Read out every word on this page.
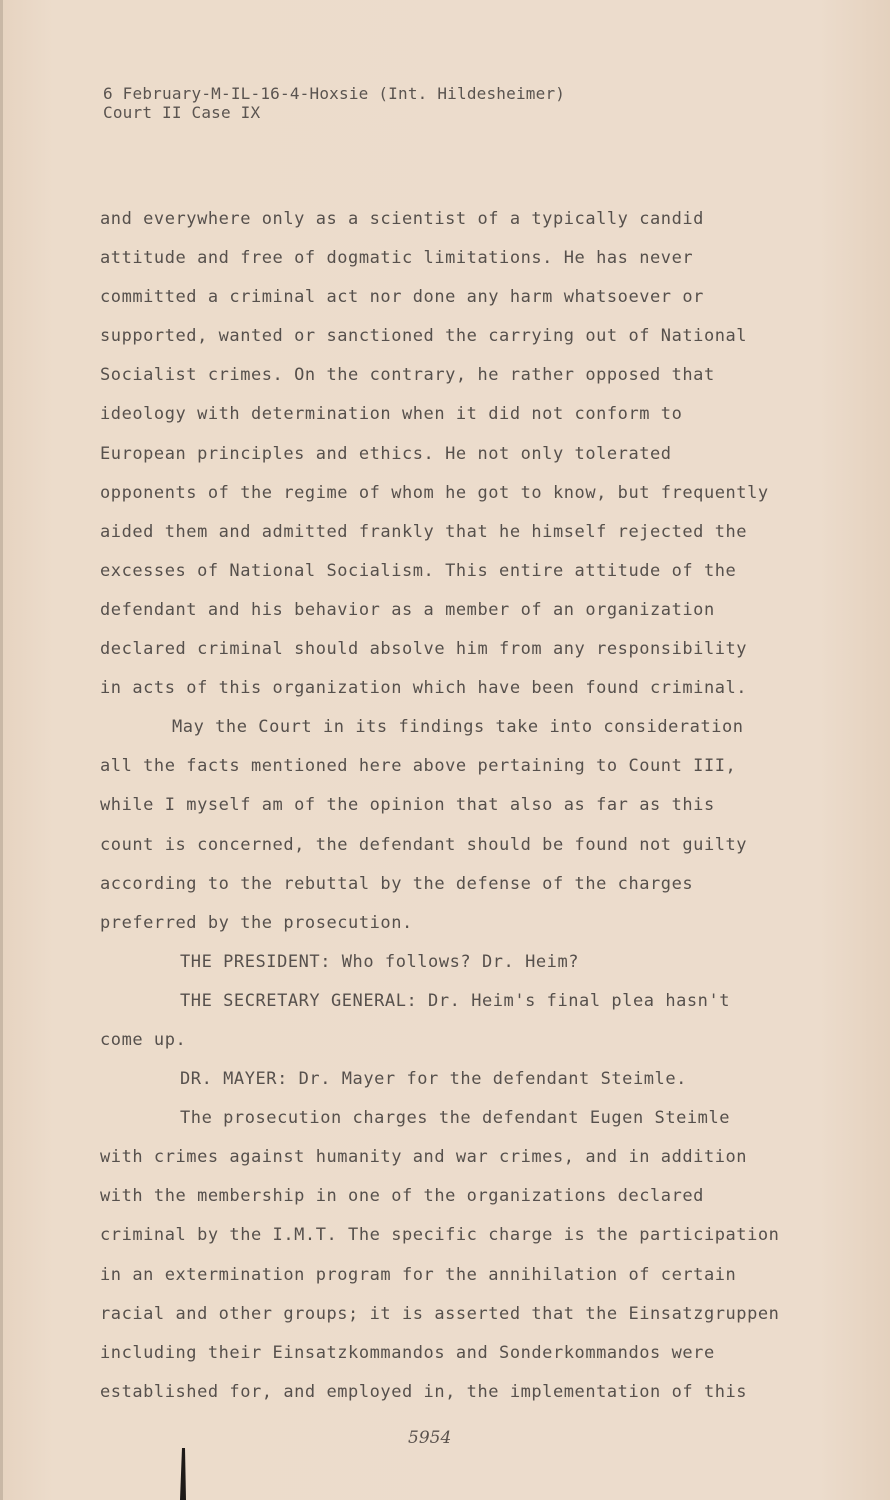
6 February-M-IL-16-4-Hoxsie (Int. Hildesheimer)
Court II Case IX
and everywhere only as a scientist of a typically candid
attitude and free of dogmatic limitations. He has never
committed a criminal act nor done any harm whatsoever or
supported, wanted or sanctioned the carrying out of National
Socialist crimes. On the contrary, he rather opposed that
ideology with determination when it did not conform to
European principles and ethics. He not only tolerated
opponents of the regime of whom he got to know, but frequently
aided them and admitted frankly that he himself rejected the
excesses of National Socialism. This entire attitude of the
defendant and his behavior as a member of an organization
declared criminal should absolve him from any responsibility
in acts of this organization which have been found criminal.
May the Court in its findings take into consideration
all the facts mentioned here above pertaining to Count III,
while I myself am of the opinion that also as far as this
count is concerned, the defendant should be found not guilty
according to the rebuttal by the defense of the charges
preferred by the prosecution.
THE PRESIDENT: Who follows? Dr. Heim?
THE SECRETARY GENERAL: Dr. Heim's final plea hasn't
come up.
DR. MAYER: Dr. Mayer for the defendant Steimle.
The prosecution charges the defendant Eugen Steimle
with crimes against humanity and war crimes, and in addition
with the membership in one of the organizations declared
criminal by the I.M.T. The specific charge is the participation
in an extermination program for the annihilation of certain
racial and other groups; it is asserted that the Einsatzgruppen
including their Einsatzkommandos and Sonderkommandos were
established for, and employed in, the implementation of this
5954
